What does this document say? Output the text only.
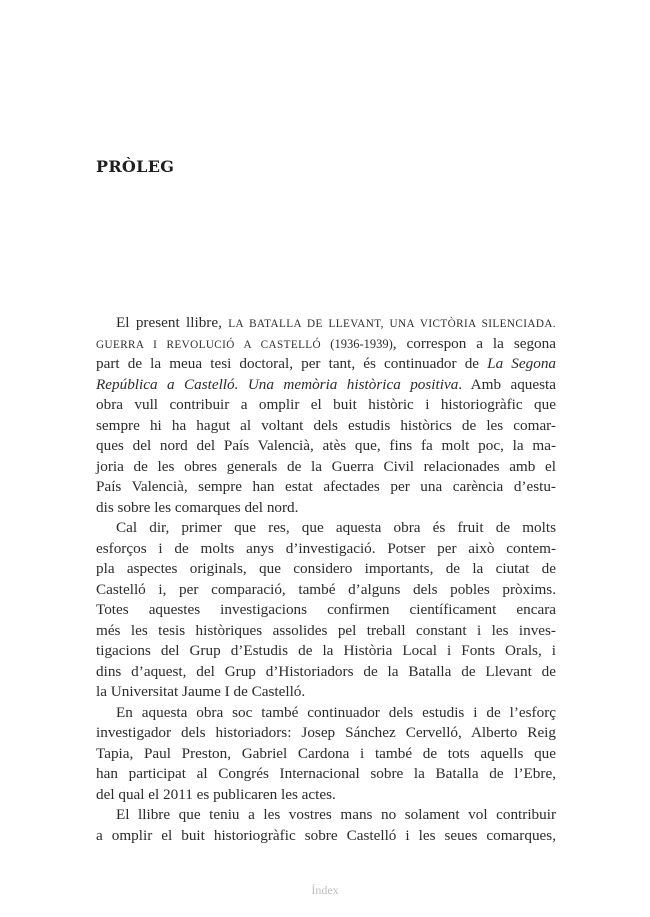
PRÒLEG
El present llibre, LA BATALLA DE LLEVANT, UNA VICTÒRIA SILENCIADA.
GUERRA I REVOLUCIÓ A CASTELLÓ (1936-1939), correspon a la segona
part de la meua tesi doctoral, per tant, és continuador de La Segona
República a Castelló. Una memòria històrica positiva. Amb aquesta
obra vull contribuir a omplir el buit històric i historiogràfic que
sempre hi ha hagut al voltant dels estudis històrics de les comar-
ques del nord del País Valencià, atès que, fins fa molt poc, la ma-
joria de les obres generals de la Guerra Civil relacionades amb el
País Valencià, sempre han estat afectades per una carència d’estu-
dis sobre les comarques del nord.
Cal dir, primer que res, que aquesta obra és fruit de molts
esforços i de molts anys d’investigació. Potser per això contem-
pla aspectes originals, que considero importants, de la ciutat de
Castelló i, per comparació, també d’alguns dels pobles pròxims.
Totes aquestes investigacions confirmen científicament encara
més les tesis històriques assolides pel treball constant i les inves-
tigacions del Grup d’Estudis de la Història Local i Fonts Orals, i
dins d’aquest, del Grup d’Historiadors de la Batalla de Llevant de
la Universitat Jaume I de Castelló.
En aquesta obra soc també continuador dels estudis i de l’esforç
investigador dels historiadors: Josep Sánchez Cervelló, Alberto Reig
Tapia, Paul Preston, Gabriel Cardona i també de tots aquells que
han participat al Congrés Internacional sobre la Batalla de l’Ebre,
del qual el 2011 es publicaren les actes.
El llibre que teniu a les vostres mans no solament vol contribuir
a omplir el buit historiogràfic sobre Castelló i les seues comarques,
Índex
